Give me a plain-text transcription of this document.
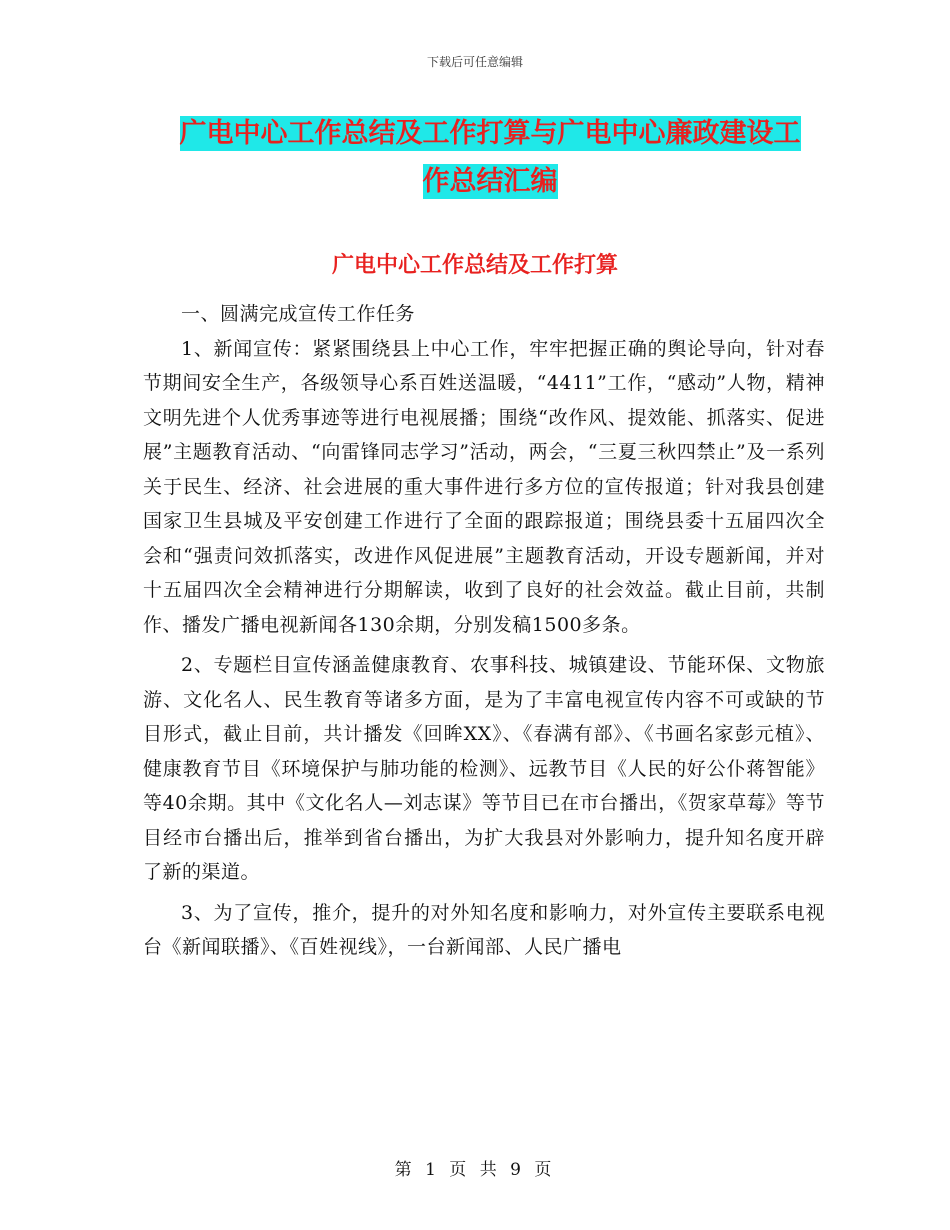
下载后可任意编辑
广电中心工作总结及工作打算与广电中心廉政建设工
作总结汇编
广电中心工作总结及工作打算

一、圆满完成宣传工作任务

1、新闻宣传：紧紧围绕县上中心工作，牢牢把握正确的舆论导向，针对春节期间安全生产，各级领导心系百姓送温暖，“4411”工作，“感动”人物，精神文明先进个人优秀事迹等进行电视展播；围绕“改作风、提效能、抓落实、促进展”主题教育活动、“向雷锋同志学习”活动，两会，“三夏三秋四禁止”及一系列关于民生、经济、社会进展的重大事件进行多方位的宣传报道；针对我县创建国家卫生县城及平安创建工作进行了全面的跟踪报道；围绕县委十五届四次全会和“强责问效抓落实，改进作风促进展”主题教育活动，开设专题新闻，并对十五届四次全会精神进行分期解读，收到了良好的社会效益。截止目前，共制作、播发广播电视新闻各130余期，分别发稿1500多条。

2、专题栏目宣传涵盖健康教育、农事科技、城镇建设、节能环保、文物旅游、文化名人、民生教育等诸多方面，是为了丰富电视宣传内容不可或缺的节目形式，截止目前，共计播发《回眸XX》、《春满有部》、《书画名家彭元植》、健康教育节目《环境保护与肺功能的检测》、远教节目《人民的好公仆蒋智能》等40余期。其中《文化名人—刘志谋》等节目已在市台播出，《贺家草莓》等节目经市台播出后，推举到省台播出，为扩大我县对外影响力，提升知名度开辟了新的渠道。

3、为了宣传，推介，提升的对外知名度和影响力，对外宣传主要联系电视台《新闻联播》、《百姓视线》，一台新闻部、人民广播电

第 1 页 共 9 页
